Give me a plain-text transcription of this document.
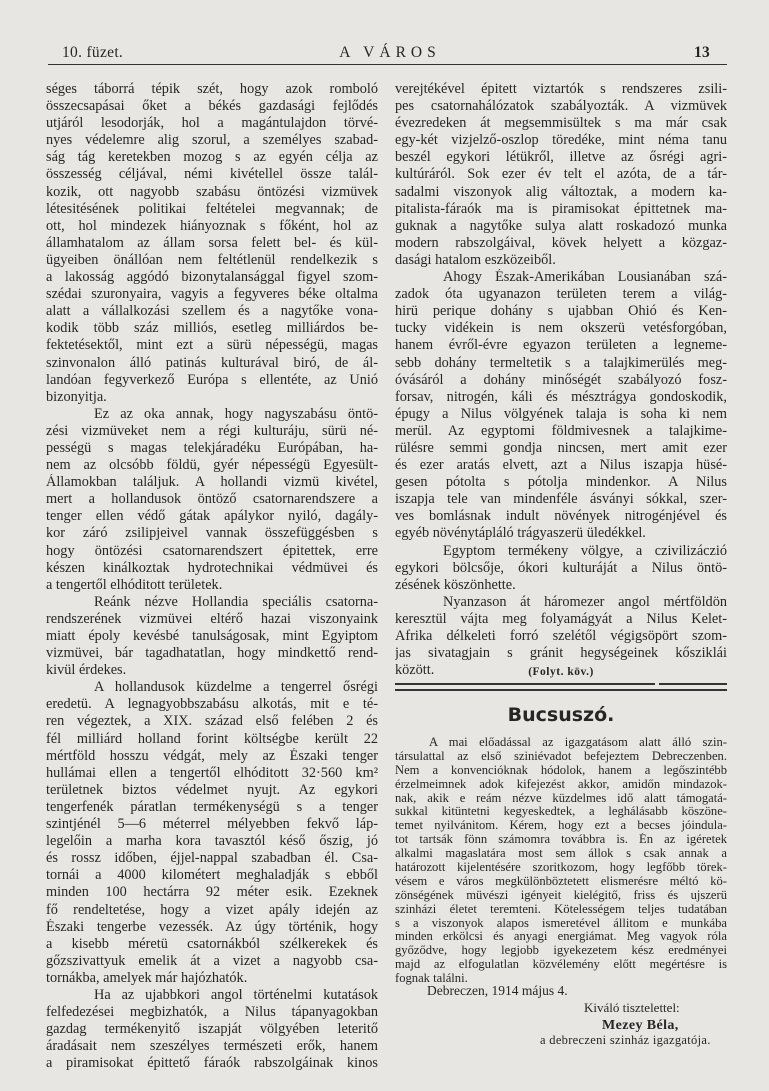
10. füzet.	A VÁROS	13
séges táborrá tépik szét, hogy azok romboló
összecsapásai őket a békés gazdasági fejlődés
utjáról lesodorják, hol a magántulajdon törvé-
nyes védelemre alig szorul, a személyes szabad-
ság tág keretekben mozog s az egyén célja az
összesség céljával, némi kivétellel össze talál-
kozik, ott nagyobb szabásu öntözési vizmüvek
létesitésének politikai feltételei megvannak; de
ott, hol mindezek hiányoznak s főként, hol az
államhatalom az állam sorsa felett bel- és kül-
ügyeiben önállóan nem feltétlenül rendelkezik s
a lakosság aggódó bizonytalansággal figyel szom-
szédai szuronyaira, vagyis a fegyveres béke oltalma
alatt a vállalkozási szellem és a nagytőke vona-
kodik több száz milliós, esetleg milliárdos be-
fektetésektől, mint ezt a sürü népességü, magas
szinvonalon álló patinás kulturával biró, de ál-
landóan fegyverkező Európa s ellentéte, az Unió
bizonyitja.
Ez az oka annak, hogy nagyszabásu öntö-
zési vizmüveket nem a régi kulturáju, sürü né-
pességü s magas telekjáradéku Európában, ha-
nem az olcsóbb földü, gyér népességü Egyesült-
Államokban találjuk. A hollandi vizmü kivétel,
mert a hollandusok öntöző csatornarendszere a
tenger ellen védő gátak apálykor nyiló, dagály-
kor záró zsilipjeivel vannak összefüggésben s
hogy öntözési csatornarendszert épitettek, erre
készen kinálkoztak hydrotechnikai védmüvei és
a tengertől elhóditott területek.
Reánk nézve Hollandia speciális csatorna-
rendszerének vizmüvei eltérő hazai viszonyaink
miatt époly kevésbé tanulságosak, mint Egyiptom
vizmüvei, bár tagadhatatlan, hogy mindkettő rend-
kivül érdekes.
A hollandusok küzdelme a tengerrel ősrégi
eredetü. A legnagyobbszabásu alkotás, mit e té-
ren végeztek, a XIX. század első felében 2 és
fél milliárd holland forint költségbe került 22
mértföld hosszu védgát, mely az Északi tenger
hullámai ellen a tengertől elhóditott 32·560 km²
területnek biztos védelmet nyujt. Az egykori
tengerfenék páratlan termékenységü s a tenger
szintjénél 5—6 méterrel mélyebben fekvő láp-
legelőin a marha kora tavasztól késő őszig, jó
és rossz időben, éjjel-nappal szabadban él. Csa-
tornái a 4000 kilométert meghaladják s ebből
minden 100 hectárra 92 méter esik. Ezeknek
fő rendeltetése, hogy a vizet apály idején az
Északi tengerbe vezessék. Az úgy történik, hogy
a kisebb méretü csatornákból szélkerekek és
gőzszivattyuk emelik át a vizet a nagyobb csa-
tornákba, amelyek már hajózhatók.
Ha az ujabbkori angol történelmi kutatások
felfedezései megbizhatók, a Nilus tápanyagokban
gazdag termékenyitő iszapját völgyében leteritő
áradásait nem szeszélyes természeti erők, hanem
a piramisokat épittető fáraók rabszolgáinak kinos
verejtékével épitett viztartók s rendszeres zsili-
pes csatornahálózatok szabályozták. A vizmüvek
évezredeken át megsemmisültek s ma már csak
egy-két vizjelző-oszlop töredéke, mint néma tanu
beszél egykori létükről, illetve az ősrégi agri-
kultúráról. Sok ezer év telt el azóta, de a tár-
sadalmi viszonyok alig változtak, a modern ka-
pitalista-fáraók ma is piramisokat épittetnek ma-
guknak a nagytőke sulya alatt roskadozó munka
modern rabszolgáival, kövek helyett a közgaz-
dasági hatalom eszközeiből.
Ahogy Észak-Amerikában Lousianában szá-
zadok óta ugyanazon területen terem a világ-
hirü perique dohány s ujabban Ohió és Ken-
tucky vidékein is nem okszerü vetésforgóban,
hanem évről-évre egyazon területen a legneme-
sebb dohány termeltetik s a talajkimerülés meg-
óvásáról a dohány minőségét szabályozó fosz-
forsav, nitrogén, káli és mésztrágya gondoskodik,
épugy a Nilus völgyének talaja is soha ki nem
merül. Az egyptomi földmivesnek a talajkime-
rülésre semmi gondja nincsen, mert amit ezer
és ezer aratás elvett, azt a Nilus iszapja hüsé-
gesen pótolta s pótolja mindenkor. A Nilus
iszapja tele van mindenféle ásványi sókkal, szer-
ves bomlásnak indult növények nitrogénjével és
egyéb növénytápláló trágyaszerü üledékkel.
Egyptom termékeny völgye, a czivilizáczió
egykori bölcsője, ókori kulturáját a Nilus öntö-
zésének köszönhette.
Nyanzason át háromezer angol mértföldön
keresztül vájta meg folyamágyát a Nilus Kelet-
Afrika délkeleti forró szelétől végigsöpört szom-
jas sivatagjain s gránit hegységeinek kősziklái
között.	(Folyt. köv.)
Bucsuszó.
A mai előadással az igazgatásom alatt álló szin-
társulattal az első sziniévadot befejeztem Debreczenben.
Nem a konvencióknak hódolok, hanem a legőszintébb
érzelmeimnek adok kifejezést akkor, amidőn mindazok-
nak, akik e reám nézve küzdelmes idő alatt támogatá-
sukkal kitüntetni kegyeskedtek, a leghálásabb köszöne-
temet nyilvánitom. Kérem, hogy ezt a becses jóindula-
tot tartsák fönn számomra továbbra is. Én az igéretek
alkalmi magaslatára most sem állok s csak annak a
határozott kijelentésére szoritkozom, hogy legfőbb törek-
vésem e város megkülönböztetett elismerésre méltó kö-
zönségének müvészi igényeit kielégitő, friss és ujszerü
szinházi életet teremteni. Kötelességem teljes tudatában
s a viszonyok alapos ismeretével állitom e munkába
minden erkölcsi és anyagi energiámat. Meg vagyok róla
győződve, hogy legjobb igyekezetem kész eredményei
majd az elfogulatlan közvélemény előtt megértésre is
fognak találni.
Debreczen, 1914 május 4.
Kiváló tisztelettel:
Mezey Béla,
a debreczeni szinház igazgatója.
